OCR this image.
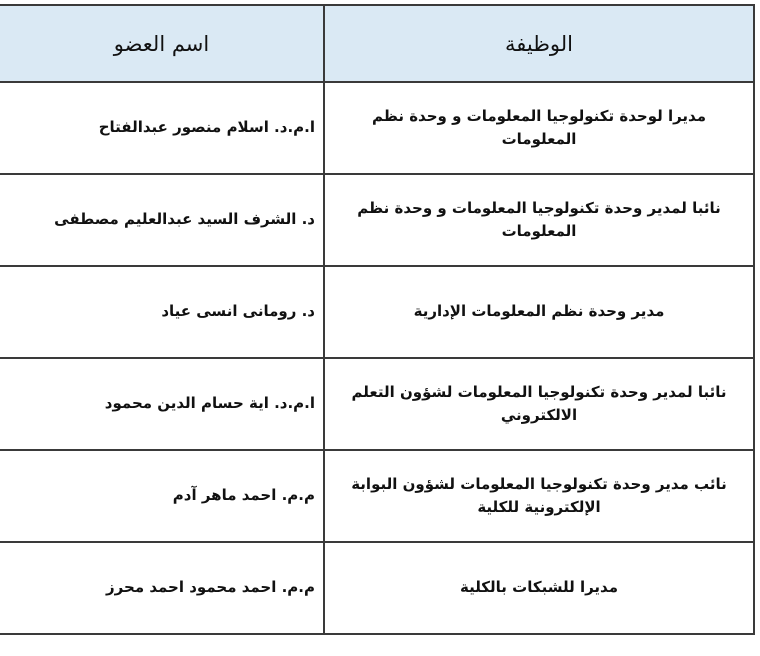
الوظيفة	اسم العضو
مديرا لوحدة تكنولوجيا المعلومات و وحدة نظم المعلومات	ا.م.د. اسلام منصور عبدالفتاح
نائبا لمدير وحدة تكنولوجيا المعلومات و وحدة نظم المعلومات	د. الشرف السيد عبدالعليم مصطفى
مدير وحدة نظم المعلومات الإدارية	د. رومانى انسى عياد
نائبا لمدير وحدة تكنولوجيا المعلومات لشؤون التعلم الالكتروني	ا.م.د. اية حسام الدين محمود
نائب مدير وحدة تكنولوجيا المعلومات لشؤون البوابة الإلكترونية للكلية	م.م. احمد ماهر آدم
مديرا للشبكات بالكلية	م.م. احمد محمود احمد محرز
